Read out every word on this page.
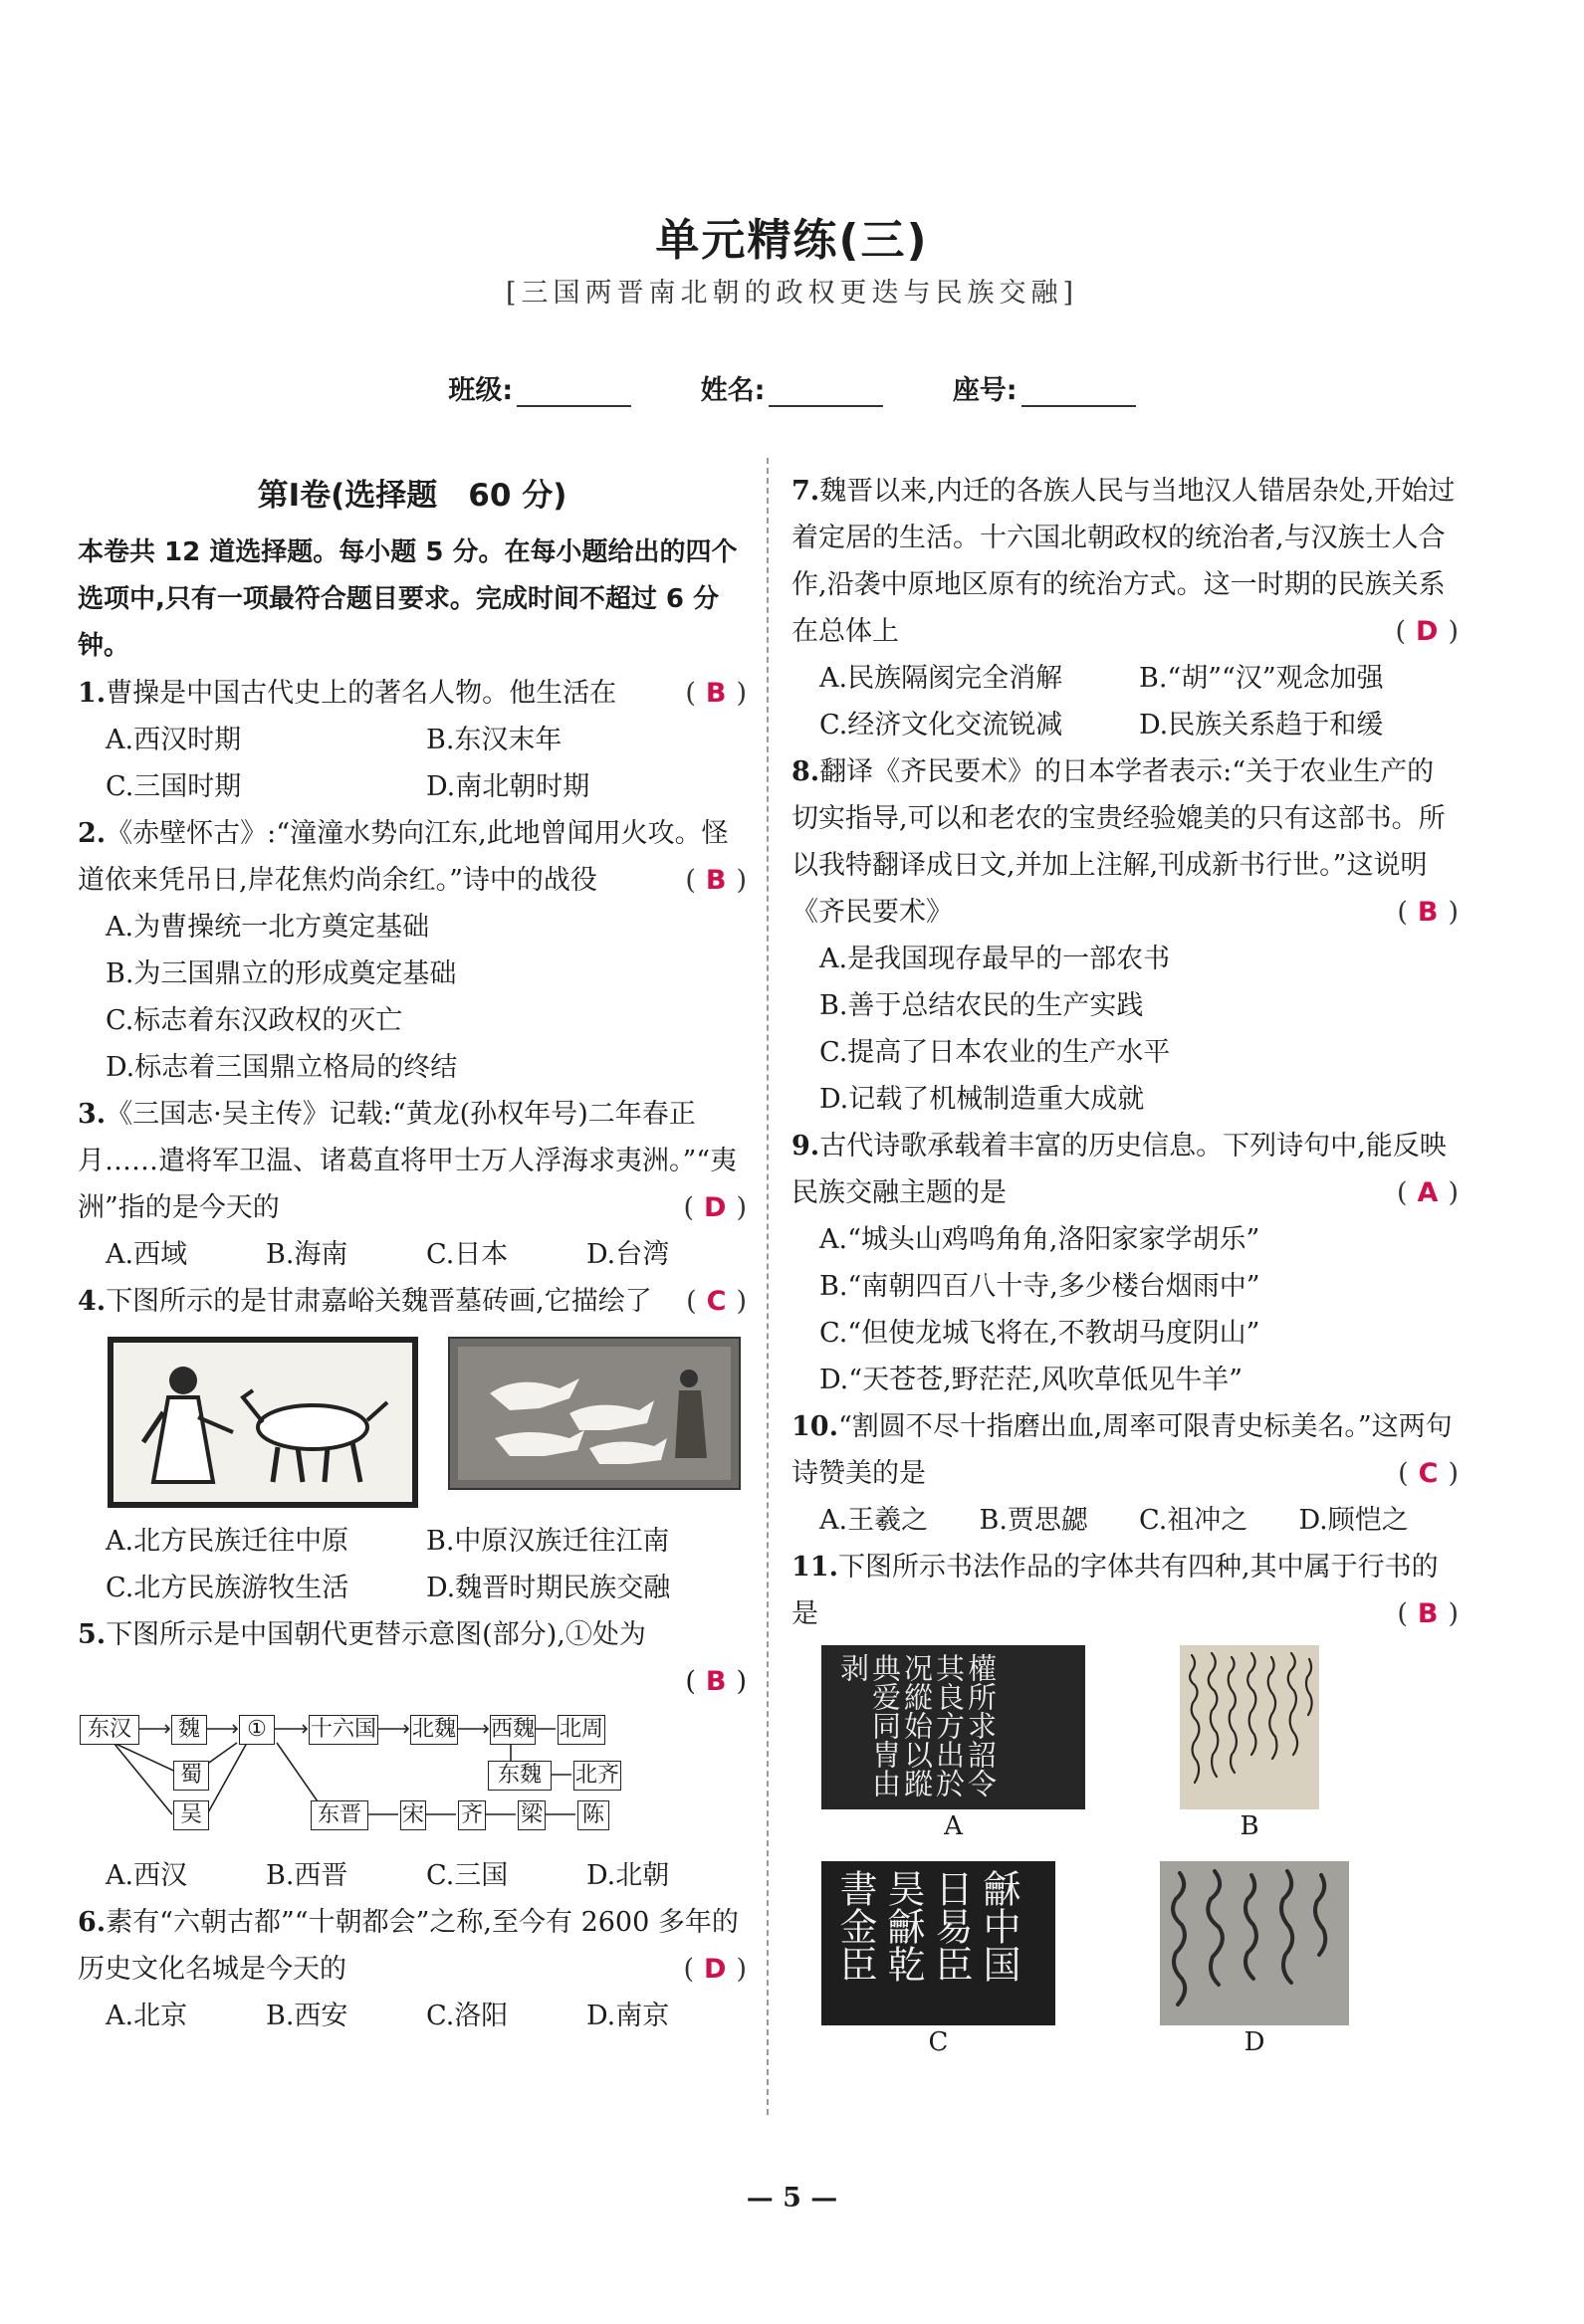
单元精练(三)
[三国两晋南北朝的政权更迭与民族交融]
班级:	姓名:	座号:
第Ⅰ卷(选择题　60 分)
本卷共 12 道选择题。每小题 5 分。在每小题给出的四个选项中,只有一项最符合题目要求。完成时间不超过 6 分钟。
1.曹操是中国古代史上的著名人物。他生活在	( B )
A.西汉时期	B.东汉末年
C.三国时期	D.南北朝时期
2.《赤壁怀古》:“潼潼水势向江东,此地曾闻用火攻。怪道依来凭吊日,岸花焦灼尚余红。”诗中的战役	( B )
A.为曹操统一北方奠定基础
B.为三国鼎立的形成奠定基础
C.标志着东汉政权的灭亡
D.标志着三国鼎立格局的终结
3.《三国志·吴主传》记载:“黄龙(孙权年号)二年春正月……遣将军卫温、诸葛直将甲士万人浮海求夷洲。”“夷洲”指的是今天的	( D )
A.西域	B.海南	C.日本	D.台湾
4.下图所示的是甘肃嘉峪关魏晋墓砖画,它描绘了	( C )
A.北方民族迁往中原	B.中原汉族迁往江南
C.北方民族游牧生活	D.魏晋时期民族交融
5.下图所示是中国朝代更替示意图(部分),①处为
( B )
东汉	魏	①	十六国 北魏 西魏 北周
蜀	东魏	北齐
吴	东晋	宋 齐 梁 陈
A.西汉	B.西晋	C.三国	D.北朝
6.素有“六朝古都”“十朝都会”之称,至今有 2600 多年的历史文化名城是今天的	( D )
A.北京	B.西安	C.洛阳	D.南京
7.魏晋以来,内迁的各族人民与当地汉人错居杂处,开始过着定居的生活。十六国北朝政权的统治者,与汉族士人合作,沿袭中原地区原有的统治方式。这一时期的民族关系在总体上	( D )
A.民族隔阂完全消解	B.“胡”“汉”观念加强
C.经济文化交流锐减	D.民族关系趋于和缓
8.翻译《齐民要术》的日本学者表示:“关于农业生产的切实指导,可以和老农的宝贵经验媲美的只有这部书。所以我特翻译成日文,并加上注解,刊成新书行世。”这说明《齐民要术》	( B )
A.是我国现存最早的一部农书
B.善于总结农民的生产实践
C.提高了日本农业的生产水平
D.记载了机械制造重大成就
9.古代诗歌承载着丰富的历史信息。下列诗句中,能反映民族交融主题的是	( A )
A.“城头山鸡鸣角角,洛阳家家学胡乐”
B.“南朝四百八十寺,多少楼台烟雨中”
C.“但使龙城飞将在,不教胡马度阴山”
D.“天苍苍,野茫茫,风吹草低见牛羊”
10.“割圆不尽十指磨出血,周率可限青史标美名。”这两句诗赞美的是	( C )
A.王羲之	B.贾思勰	C.祖冲之	D.顾恺之
11.下图所示书法作品的字体共有四种,其中属于行书的是	( B )
權所求詔令其良方出於况縱始以蹤典爱同冑由剥
A	B
龢中国日易臣昊龢乾書金臣
C	D
— 5 —
